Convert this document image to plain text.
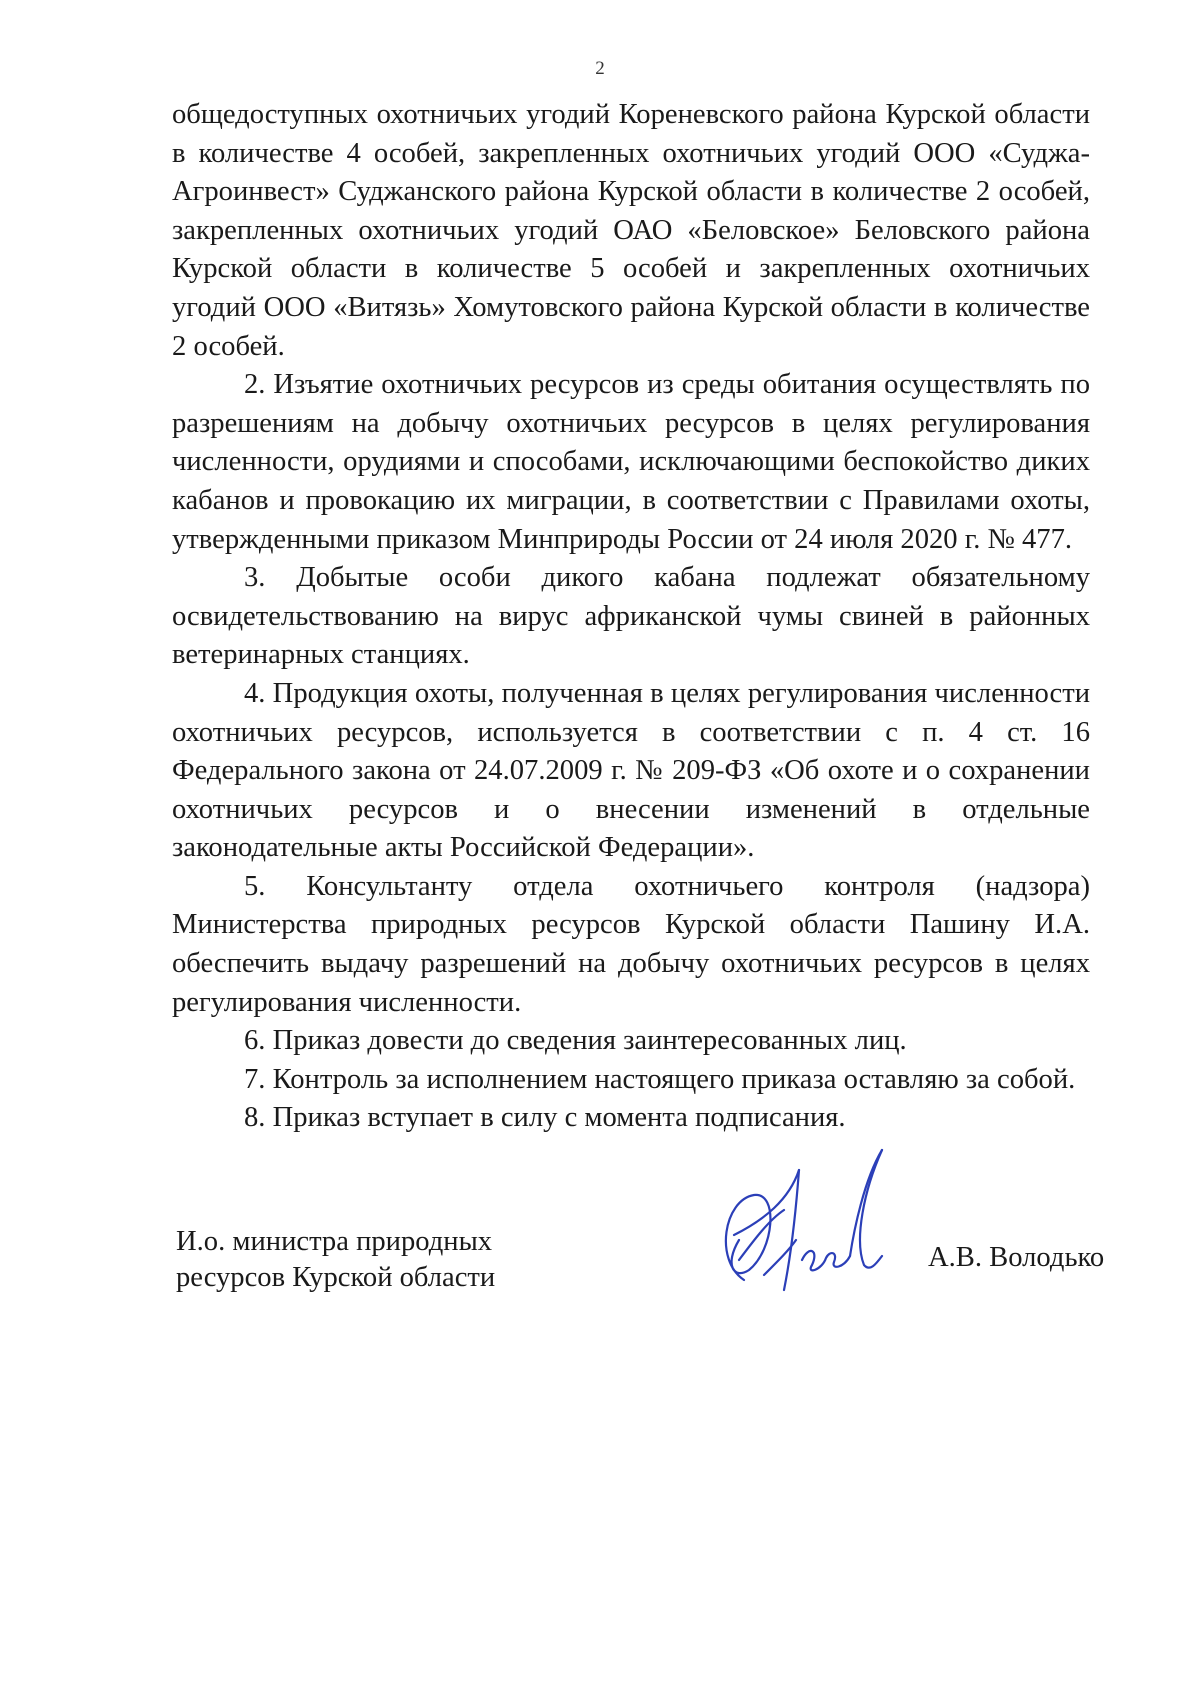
2

общедоступных охотничьих угодий Кореневского района Курской области в количестве 4 особей, закрепленных охотничьих угодий ООО «Суджа-Агроинвест» Суджанского района Курской области в количестве 2 особей, закрепленных охотничьих угодий ОАО «Беловское» Беловского района Курской области в количестве 5 особей и закрепленных охотничьих угодий ООО «Витязь» Хомутовского района Курской области в количестве 2 особей.

2. Изъятие охотничьих ресурсов из среды обитания осуществлять по разрешениям на добычу охотничьих ресурсов в целях регулирования численности, орудиями и способами, исключающими беспокойство диких кабанов и провокацию их миграции, в соответствии с Правилами охоты, утвержденными приказом Минприроды России от 24 июля 2020 г. № 477.

3. Добытые особи дикого кабана подлежат обязательному освидетельствованию на вирус африканской чумы свиней в районных ветеринарных станциях.

4. Продукция охоты, полученная в целях регулирования численности охотничьих ресурсов, используется в соответствии с п. 4 ст. 16 Федерального закона от 24.07.2009 г. № 209-ФЗ «Об охоте и о сохранении охотничьих ресурсов и о внесении изменений в отдельные законодательные акты Российской Федерации».

5. Консультанту отдела охотничьего контроля (надзора) Министерства природных ресурсов Курской области Пашину И.А. обеспечить выдачу разрешений на добычу охотничьих ресурсов в целях регулирования численности.

6. Приказ довести до сведения заинтересованных лиц.

7. Контроль за исполнением настоящего приказа оставляю за собой.

8. Приказ вступает в силу с момента подписания.

И.о. министра природных
ресурсов Курской области
А.В. Володько
